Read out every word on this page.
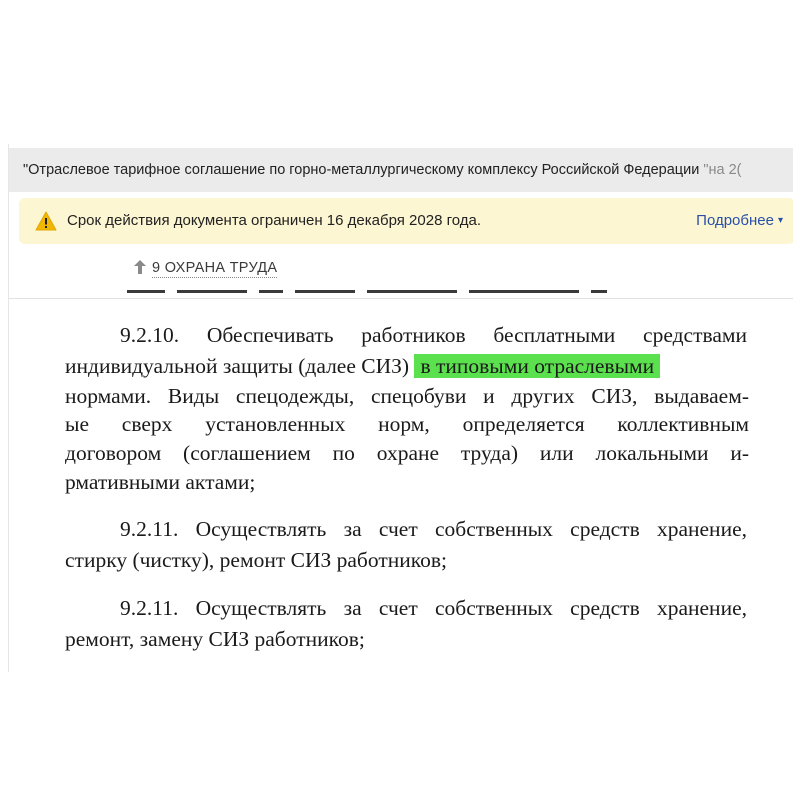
"Отраслевое тарифное соглашение по горно-металлургическому комплексу Российской Федерации "на 2(
Срок действия документа ограничен 16 декабря 2028 года.	Подробнее ▾
9 ОХРАНА ТРУДА
9.2.10. Обеспечивать работников бесплатными средствами
индивидуальной защиты (далее СИЗ) в типовыми отраслевыми
нормами. Виды спецодежды, спецобуви и других СИЗ, выдаваем-
ые сверх установленных норм, определяется коллективным
договором (соглашением по охране труда) или локальными и-
рмативными актами;
9.2.11. Осуществлять за счет собственных средств хранение,
стирку (чистку), ремонт СИЗ работников;
9.2.11. Осуществлять за счет собственных средств хранение,
ремонт, замену СИЗ работников;
